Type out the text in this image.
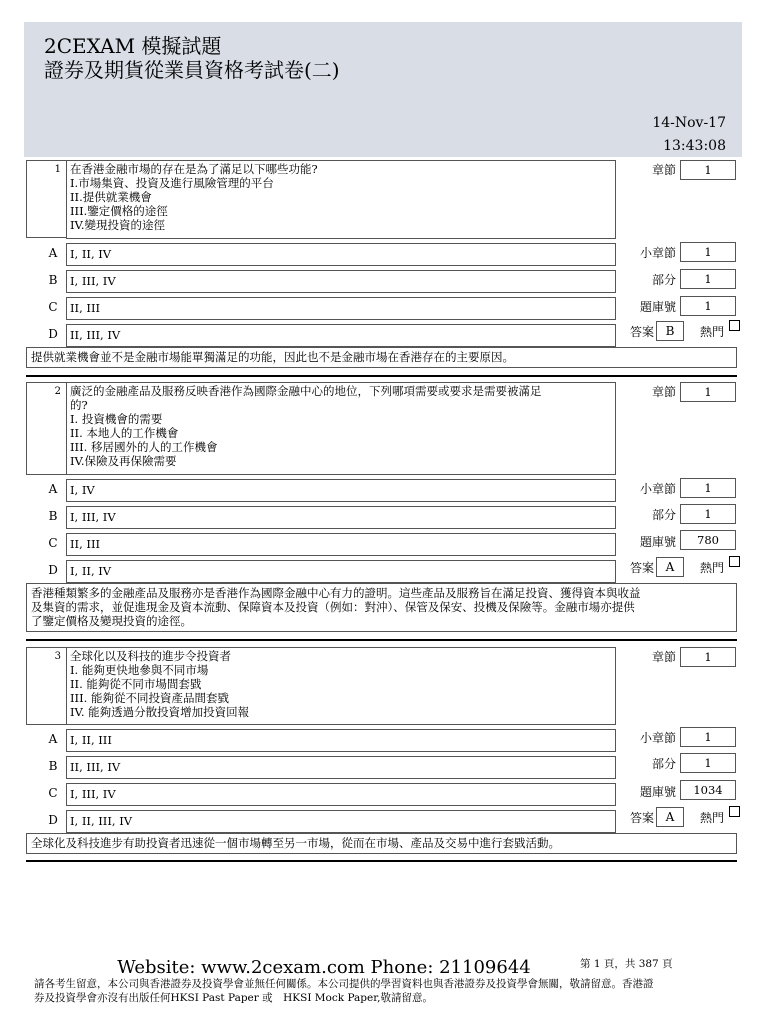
2CEXAM 模擬試題
證券及期貨從業員資格考試卷(二)
14-Nov-17
13:43:08
1 在香港金融市場的存在是為了滿足以下哪些功能?
I.市場集資、投資及進行風險管理的平台
II.提供就業機會
III.鑒定價格的途徑
IV.變現投資的途徑
A	I, II, IV
B	I, III, IV
C	II, III
D	II, III, IV
章節	1
小章節	1
部分	1
題庫號	1
答案 B	熱門
提供就業機會並不是金融市場能單獨滿足的功能，因此也不是金融市場在香港存在的主要原因。
2 廣泛的金融產品及服務反映香港作為國際金融中心的地位，下列哪項需要或要求是需要被滿足
的?
I. 投資機會的需要
II. 本地人的工作機會
III. 移居國外的人的工作機會
IV.保險及再保險需要
A	I, IV
B	I, III, IV
C	II, III
D	I, II, IV
章節	1
小章節	1
部分	1
題庫號	780
答案 A	熱門
香港種類繁多的金融產品及服務亦是香港作為國際金融中心有力的證明。這些產品及服務旨在滿足投資、獲得資本與收益
及集資的需求，並促進現金及資本流動、保障資本及投資（例如：對沖）、保管及保安、投機及保險等。金融市場亦提供
了鑒定價格及變現投資的途徑。
3 全球化以及科技的進步令投資者
I. 能夠更快地參與不同市場
II. 能夠從不同市場間套戥
III. 能夠從不同投資產品間套戥
IV. 能夠透過分散投資增加投資回報
A	I, II, III
B	II, III, IV
C	I, III, IV
D	I, II, III, IV
章節	1
小章節	1
部分	1
題庫號	1034
答案 A	熱門
全球化及科技進步有助投資者迅速從一個市場轉至另一市場，從而在市場、產品及交易中進行套戥活動。
Website: www.2cexam.com Phone: 21109644	第 1 頁，共 387 頁
請各考生留意，本公司與香港證券及投資學會並無任何關係。本公司提供的學習資料也與香港證券及投資學會無關，敬請留意。香港證
券及投資學會亦沒有出版任何HKSI Past Paper 或　HKSI Mock Paper,敬請留意。
